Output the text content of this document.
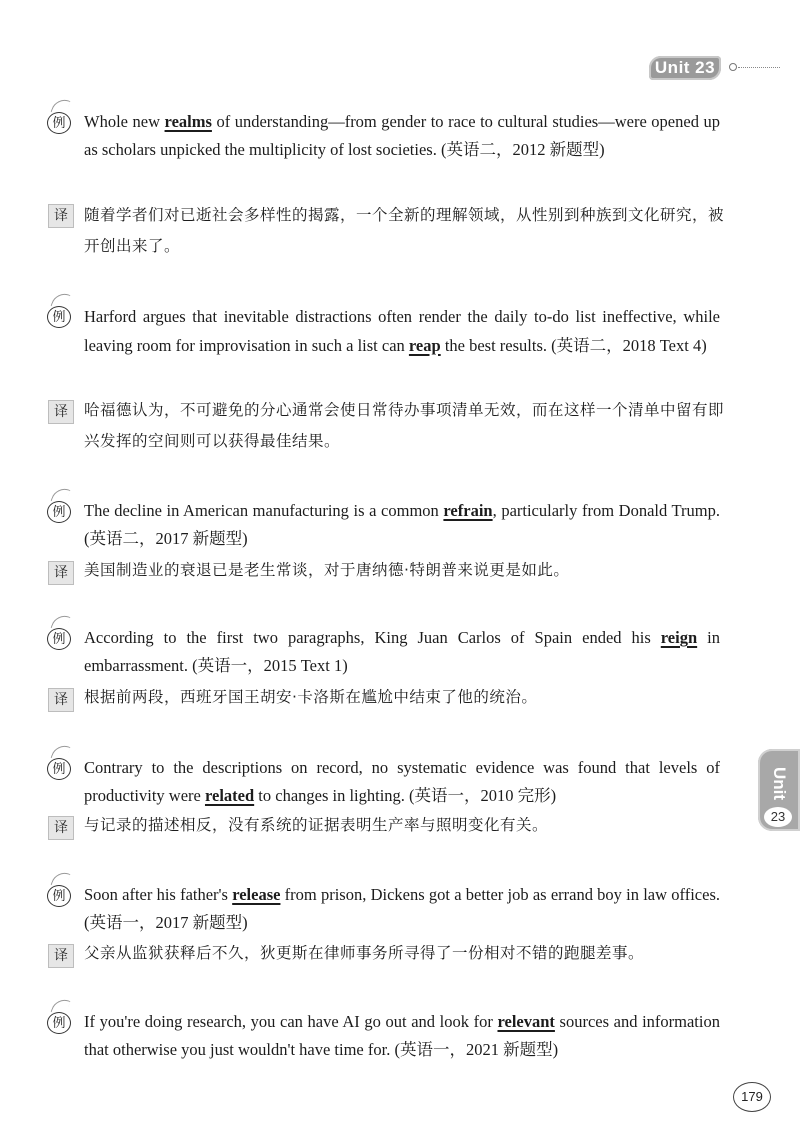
Unit 23
Unit
23
例	Whole new realms of understanding—from gender to race to cultural studies—were opened up as scholars unpicked the multiplicity of lost societies. (英语二，2012 新题型)
译	随着学者们对已逝社会多样性的揭露，一个全新的理解领域，从性别到种族到文化研究，被开创出来了。
例	Harford argues that inevitable distractions often render the daily to-do list ineffective, while leaving room for improvisation in such a list can reap the best results. (英语二，2018 Text 4)
译	哈福德认为，不可避免的分心通常会使日常待办事项清单无效，而在这样一个清单中留有即兴发挥的空间则可以获得最佳结果。
例	The decline in American manufacturing is a common refrain, particularly from Donald Trump. (英语二，2017 新题型)
译	美国制造业的衰退已是老生常谈，对于唐纳德·特朗普来说更是如此。
例	According to the first two paragraphs, King Juan Carlos of Spain ended his reign in embarrassment. (英语一，2015 Text 1)
译	根据前两段，西班牙国王胡安·卡洛斯在尴尬中结束了他的统治。
例	Contrary to the descriptions on record, no systematic evidence was found that levels of productivity were related to changes in lighting. (英语一，2010 完形)
译	与记录的描述相反，没有系统的证据表明生产率与照明变化有关。
例	Soon after his father's release from prison, Dickens got a better job as errand boy in law offices. (英语一，2017 新题型)
译	父亲从监狱获释后不久，狄更斯在律师事务所寻得了一份相对不错的跑腿差事。
例	If you're doing research, you can have AI go out and look for relevant sources and information that otherwise you just wouldn't have time for. (英语一，2021 新题型)
179
